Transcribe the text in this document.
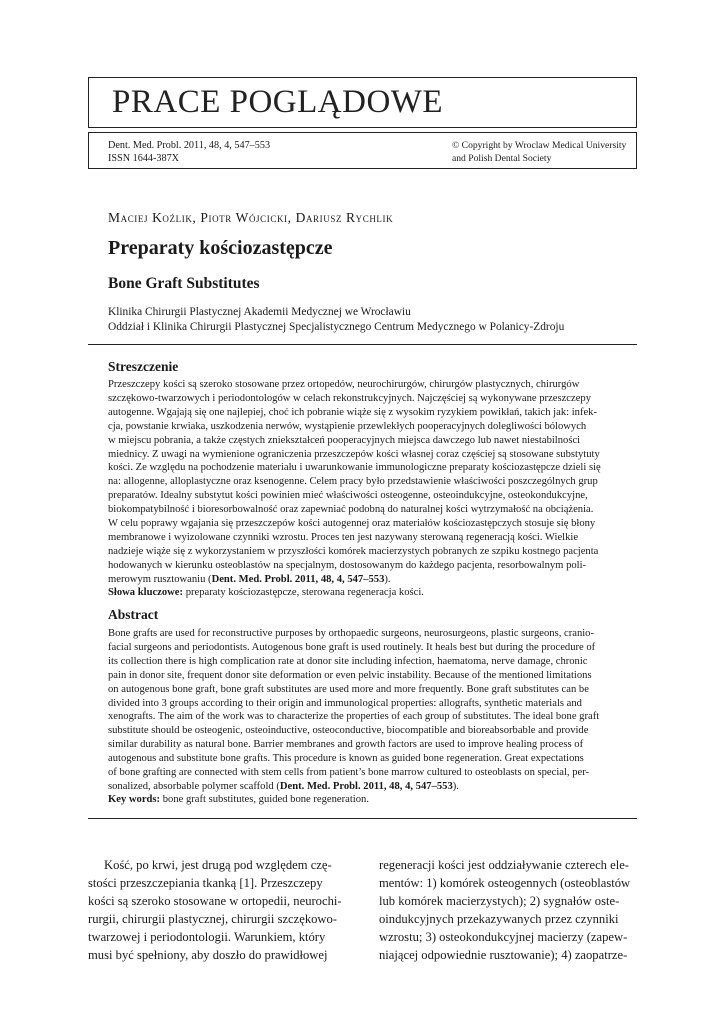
PRACE POGLĄDOWE
Dent. Med. Probl. 2011, 48, 4, 547–553
ISSN 1644-387X
© Copyright by Wroclaw Medical University
and Polish Dental Society
Maciej Koźlik, Piotr Wójcicki, Dariusz Rychlik
Preparaty kościozastępcze
Bone Graft Substitutes
Klinika Chirurgii Plastycznej Akademii Medycznej we Wrocławiu
Oddział i Klinika Chirurgii Plastycznej Specjalistycznego Centrum Medycznego w Polanicy-Zdroju
Streszczenie
Przeszczepy kości są szeroko stosowane przez ortopedów, neurochirurgów, chirurgów plastycznych, chirurgów
szczękowo-twarzowych i periodontologów w celach rekonstrukcyjnych. Najczęściej są wykonywane przeszczepy
autogenne. Wgajają się one najlepiej, choć ich pobranie wiąże się z wysokim ryzykiem powikłań, takich jak: infek-
cja, powstanie krwiaka, uszkodzenia nerwów, wystąpienie przewlekłych pooperacyjnych dolegliwości bólowych
w miejscu pobrania, a także częstych zniekształceń pooperacyjnych miejsca dawczego lub nawet niestabilności
miednicy. Z uwagi na wymienione ograniczenia przeszczepów kości własnej coraz częściej są stosowane substytuty
kości. Ze względu na pochodzenie materiału i uwarunkowanie immunologiczne preparaty kościozastępcze dzieli się
na: allogenne, alloplastyczne oraz ksenogenne. Celem pracy było przedstawienie właściwości poszczególnych grup
preparatów. Idealny substytut kości powinien mieć właściwości osteogenne, osteoindukcyjne, osteokondukcyjne,
biokompatybilność i bioresorbowalność oraz zapewniać podobną do naturalnej kości wytrzymałość na obciążenia.
W celu poprawy wgajania się przeszczepów kości autogennej oraz materiałów kościozastępczych stosuje się błony
membranowe i wyizolowane czynniki wzrostu. Proces ten jest nazywany sterowaną regeneracją kości. Wielkie
nadzieje wiąże się z wykorzystaniem w przyszłości komórek macierzystych pobranych ze szpiku kostnego pacjenta
hodowanych w kierunku osteoblastów na specjalnym, dostosowanym do każdego pacjenta, resorbowalnym poli-
merowym rusztowaniu (Dent. Med. Probl. 2011, 48, 4, 547–553).
Słowa kluczowe: preparaty kościozastępcze, sterowana regeneracja kości.
Abstract
Bone grafts are used for reconstructive purposes by orthopaedic surgeons, neurosurgeons, plastic surgeons, cranio-
facial surgeons and periodontists. Autogenous bone graft is used routinely. It heals best but during the procedure of
its collection there is high complication rate at donor site including infection, haematoma, nerve damage, chronic
pain in donor site, frequent donor site deformation or even pelvic instability. Because of the mentioned limitations
on autogenous bone graft, bone graft substitutes are used more and more frequently. Bone graft substitutes can be
divided into 3 groups according to their origin and immunological properties: allografts, synthetic materials and
xenografts. The aim of the work was to characterize the properties of each group of substitutes. The ideal bone graft
substitute should be osteogenic, osteoinductive, osteoconductive, biocompatible and bioreabsorbable and provide
similar durability as natural bone. Barrier membranes and growth factors are used to improve healing process of
autogenous and substitute bone grafts. This procedure is known as guided bone regeneration. Great expectations
of bone grafting are connected with stem cells from patient’s bone marrow cultured to osteoblasts on special, per-
sonalized, absorbable polymer scaffold (Dent. Med. Probl. 2011, 48, 4, 547–553).
Key words: bone graft substitutes, guided bone regeneration.
Kość, po krwi, jest drugą pod względem czę-
stości przeszczepiania tkanką [1]. Przeszczepy
kości są szeroko stosowane w ortopedii, neurochi-
rurgii, chirurgii plastycznej, chirurgii szczękowo-
twarzowej i periodontologii. Warunkiem, który
musi być spełniony, aby doszło do prawidłowej
regeneracji kości jest oddziaływanie czterech ele-
mentów: 1) komórek osteogennych (osteoblastów
lub komórek macierzystych); 2) sygnałów oste-
oindukcyjnych przekazywanych przez czynniki
wzrostu; 3) osteokondukcyjnej macierzy (zapew-
niającej odpowiednie rusztowanie); 4) zaopatrze-
